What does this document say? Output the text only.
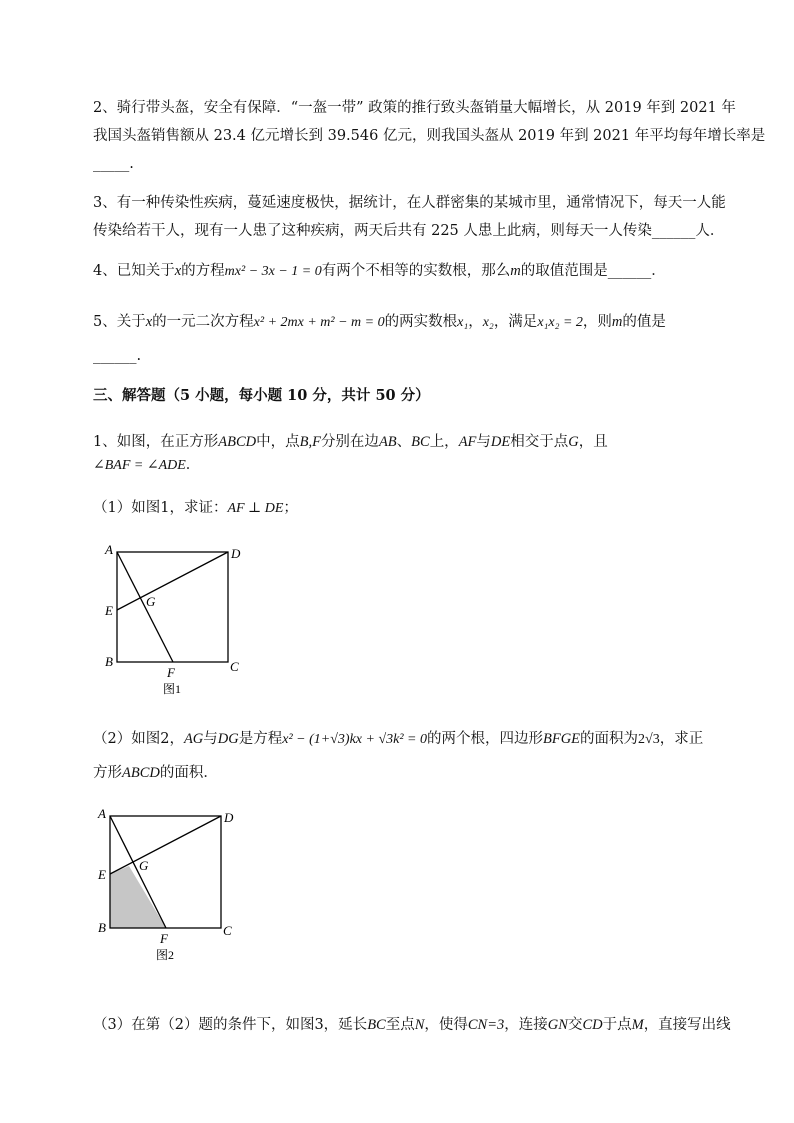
2、骑行带头盔，安全有保障．“一盔一带” 政策的推行致头盔销量大幅增长，从 2019 年到 2021 年
我国头盔销售额从 23.4 亿元增长到 39.546 亿元，则我国头盔从 2019 年到 2021 年平均每年增长率是
_____.
3、有一种传染性疾病，蔓延速度极快，据统计，在人群密集的某城市里，通常情况下，每天一人能
传染给若干人，现有一人患了这种疾病，两天后共有 225 人患上此病，则每天一人传染______人．
4、已知关于x的方程mx² − 3x − 1 = 0有两个不相等的实数根，那么m的取值范围是______．
5、关于x的一元二次方程x² + 2mx + m² − m = 0的两实数根x₁，x₂，满足x₁x₂ = 2，则m的值是
______.
三、解答题（5 小题，每小题 10 分，共计 50 分）
1、如图，在正方形ABCD中，点B,F分别在边AB、BC上，AF与DE相交于点G，且
∠BAF = ∠ADE．
（1）如图1，求证：AF ⊥ DE；
A	D
E
G
B
F	C
图1
（2）如图2，AG与DG是方程x² − (1+√3)kx + √3k² = 0的两个根，四边形BFGE的面积为2√3，求正
方形ABCD的面积．
A	D
E
G
B
F
C
图2
（3）在第（2）题的条件下，如图3，延长BC至点N，使得CN=3，连接GN交CD于点M，直接写出线
